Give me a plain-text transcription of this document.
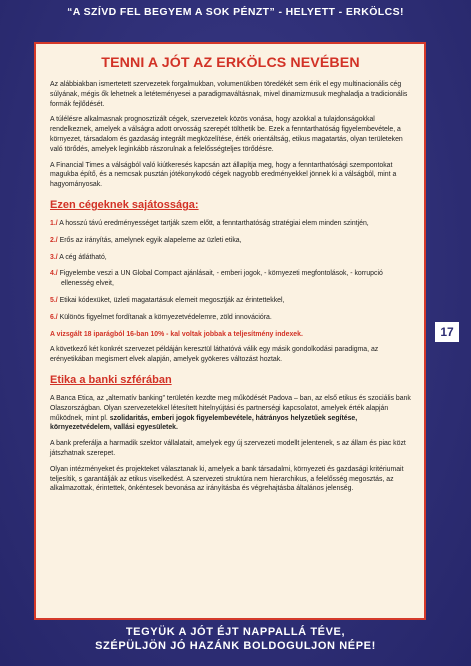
“A SZÍVD FEL BEGYEM A SOK PÉNZT” - HELYETT - ERKÖLCS!
TENNI A JÓT AZ ERKÖLCS NEVÉBEN

Az alábbiakban ismertetett szervezetek forgalmukban, volumenükben töredékét sem érik el egy multinacionális cég súlyának, mégis ők lehetnek a letéteményesei a paradigmaváltásnak, mivel dinamizmusuk meghaladja a tradicionális formák fejlődését.

A túlélésre alkalmasnak prognosztizált cégek, szervezetek közös vonása, hogy azokkal a tulajdonságokkal rendelkeznek, amelyek a válságra adott orvosság szerepét tölthetik be. Ezek a fenntarthatóság figyelembevétele, a környezet, társadalom és gazdaság integrált megközelítése, érték orientáltság, etikus magatartás, olyan területeken való törődés, amelyek leginkább rászorulnak a felelősségteljes törődésre.

A Financial Times a válságból való kiútkeresés kapcsán azt állapítja meg, hogy a fenntarthatósági szempontokat magukba építő, és a nemcsak pusztán jótékonykodó cégek nagyobb eredményekkel jönnek ki a válságból, mint a hagyományosak.

Ezen cégeknek sajátossága:
1./ A hosszú távú eredményességet tartják szem előtt, a fenntarthatóság stratégiai elem minden szintjén,
2./ Erős az irányítás, amelynek egyik alapeleme az üzleti etika,
3./ A cég átlátható,
4./ Figyelembe veszi a UN Global Compact ajánlásait, - emberi jogok, - környezeti megfontolások, - korrupció ellenesség elveit,
5./ Etikai kódexüket, üzleti magatartásuk elemeit megosztják az érintettekkel,
6./ Különös figyelmet fordítanak a környezetvédelemre, zöld innovációra.

A vizsgált 18 iparágból 16-ban 10% - kal voltak jobbak a teljesítmény indexek.

A következő két konkrét szervezet példáján keresztül láthatóvá válik egy másik gondolkodási paradigma, az erényetikában megismert elvek alapján, amelyek gyökeres változást hoztak.

Etika a banki szférában

A Banca Etica, az „alternatív banking” területén kezdte meg működését Padova – ban, az első etikus és szociális bank Olaszországban. Olyan szervezetekkel létesített hitelnyújtási és partnerségi kapcsolatot, amelyek érték alapján működnek, mint pl. szolidaritás, emberi jogok figyelembevétele, hátrányos helyzetűek segítése, környezetvédelem, vallási egyesületek.

A bank preferálja a harmadik szektor vállalatait, amelyek egy új szervezeti modellt jelentenek, s az állam és piac közt játszhatnak szerepet.

Olyan intézményeket és projekteket választanak ki, amelyek a bank társadalmi, környezeti és gazdasági kritériumait teljesítik, s garantálják az etikus viselkedést. A szervezeti struktúra nem hierarchikus, a felelősség megosztás, az alkalmazottak, érintettek, önkéntesek bevonása az irányításba és végrehajtásba általános jelenség.

17
TEGYÜK A JÓT ÉJT NAPPALLÁ TÉVE,
SZÉPÜLJÖN JÓ HAZÁNK BOLDOGULJON NÉPE!
